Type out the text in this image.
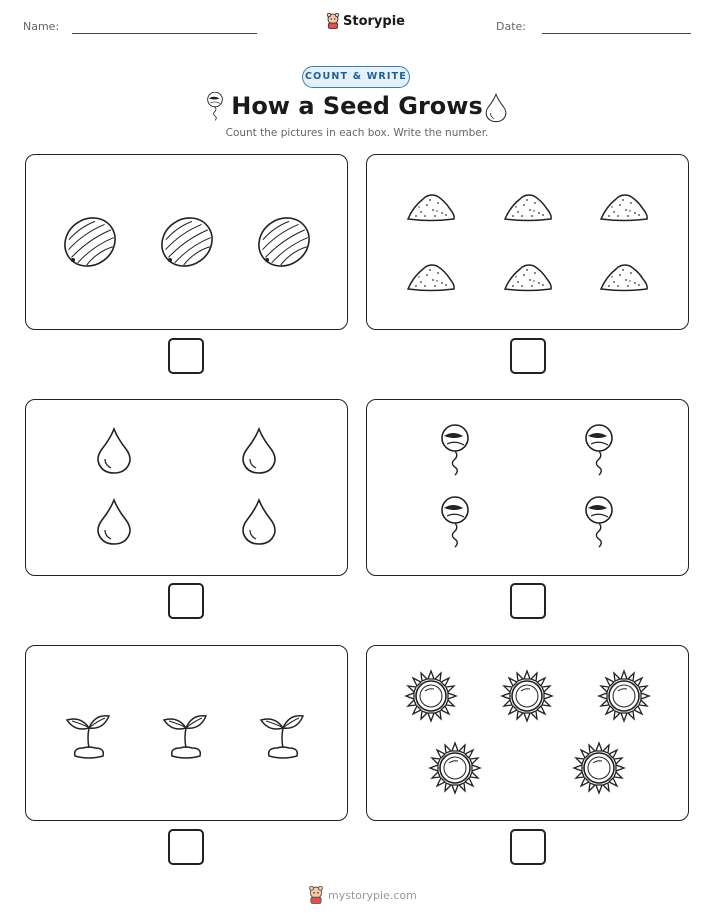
Name:	Storypie	Date:
COUNT & WRITE
How a Seed Grows
Count the pictures in each box. Write the number.
mystorypie.com
